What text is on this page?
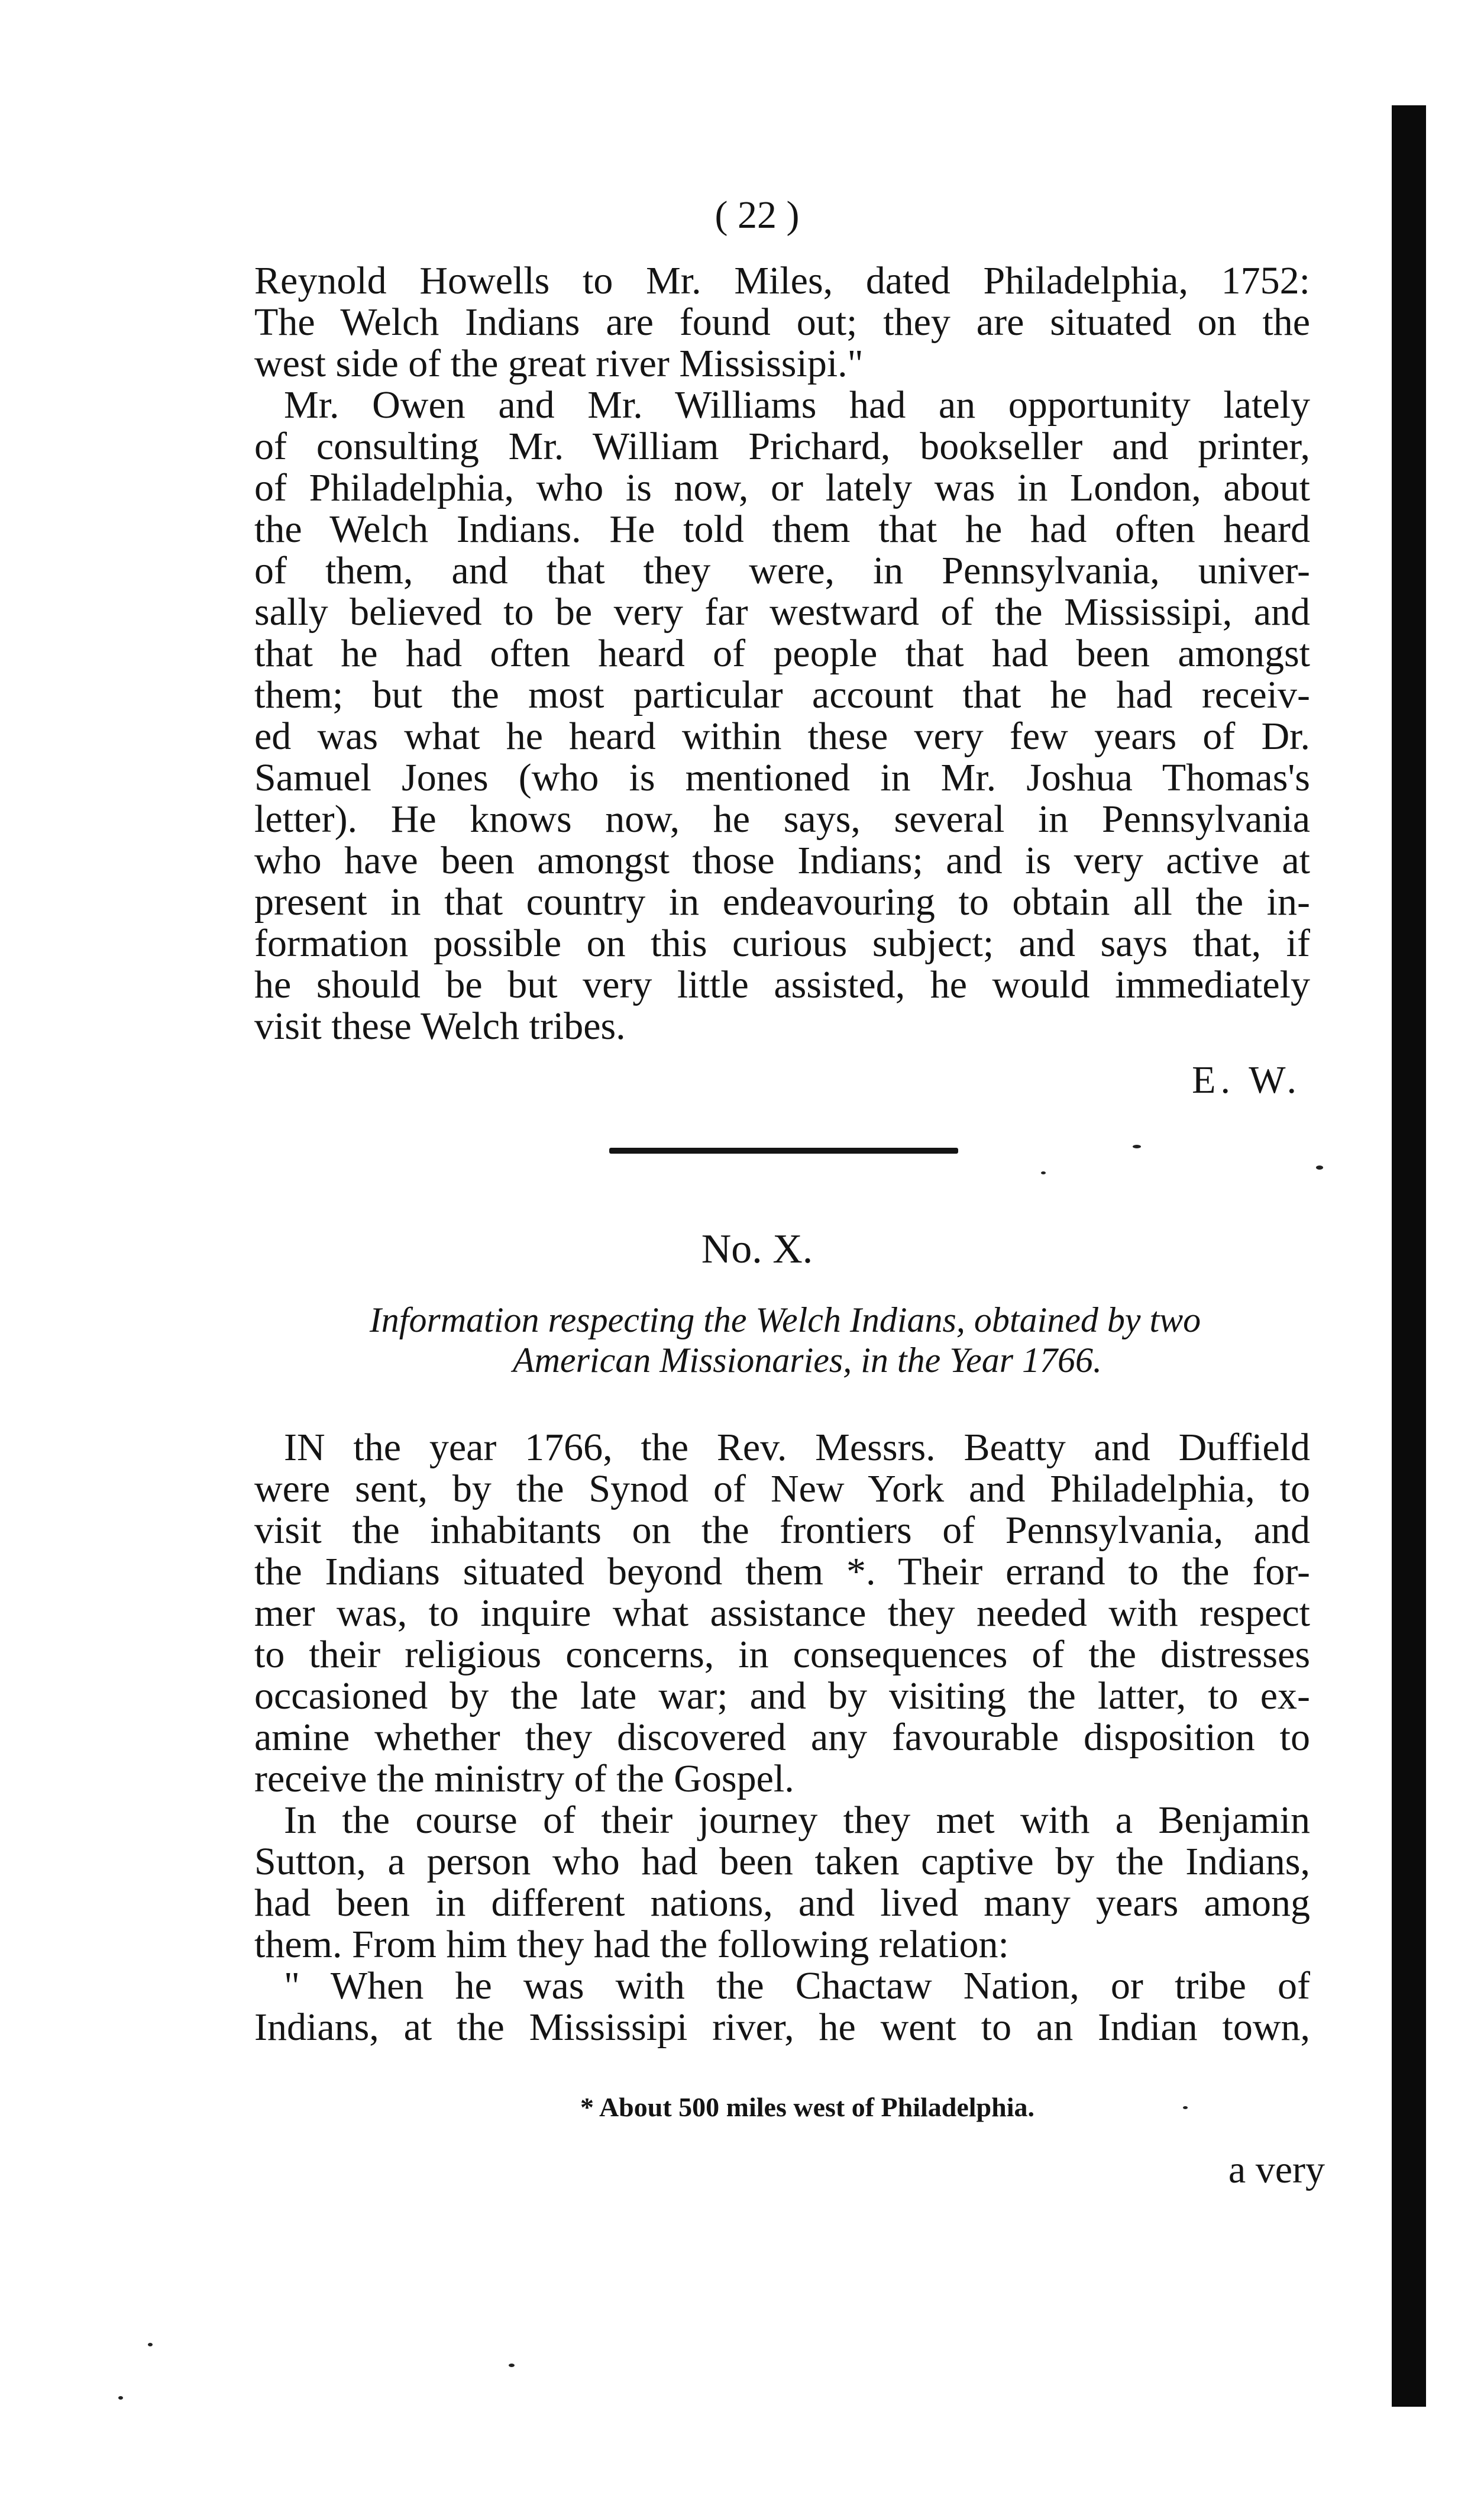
( 22 )
Reynold Howells to Mr. Miles, dated Philadelphia, 1752:
The Welch Indians are found out; they are situated on the
west side of the great river Mississipi."
Mr. Owen and Mr. Williams had an opportunity lately
of consulting Mr. William Prichard, bookseller and printer,
of Philadelphia, who is now, or lately was in London, about
the Welch Indians. He told them that he had often heard
of them, and that they were, in Pennsylvania, univer-
sally believed to be very far westward of the Mississipi, and
that he had often heard of people that had been amongst
them; but the most particular account that he had receiv-
ed was what he heard within these very few years of Dr.
Samuel Jones (who is mentioned in Mr. Joshua Thomas's
letter). He knows now, he says, several in Pennsylvania
who have been amongst those Indians; and is very active at
present in that country in endeavouring to obtain all the in-
formation possible on this curious subject; and says that, if
he should be but very little assisted, he would immediately
visit these Welch tribes.
E. W.
No. X.
Information respecting the Welch Indians, obtained by two
American Missionaries, in the Year 1766.
IN the year 1766, the Rev. Messrs. Beatty and Duffield
were sent, by the Synod of New York and Philadelphia, to
visit the inhabitants on the frontiers of Pennsylvania, and
the Indians situated beyond them *. Their errand to the for-
mer was, to inquire what assistance they needed with respect
to their religious concerns, in consequences of the distresses
occasioned by the late war; and by visiting the latter, to ex-
amine whether they discovered any favourable disposition to
receive the ministry of the Gospel.
In the course of their journey they met with a Benjamin
Sutton, a person who had been taken captive by the Indians,
had been in different nations, and lived many years among
them. From him they had the following relation:
" When he was with the Chactaw Nation, or tribe of
Indians, at the Mississipi river, he went to an Indian town,
* About 500 miles west of Philadelphia.
a very
